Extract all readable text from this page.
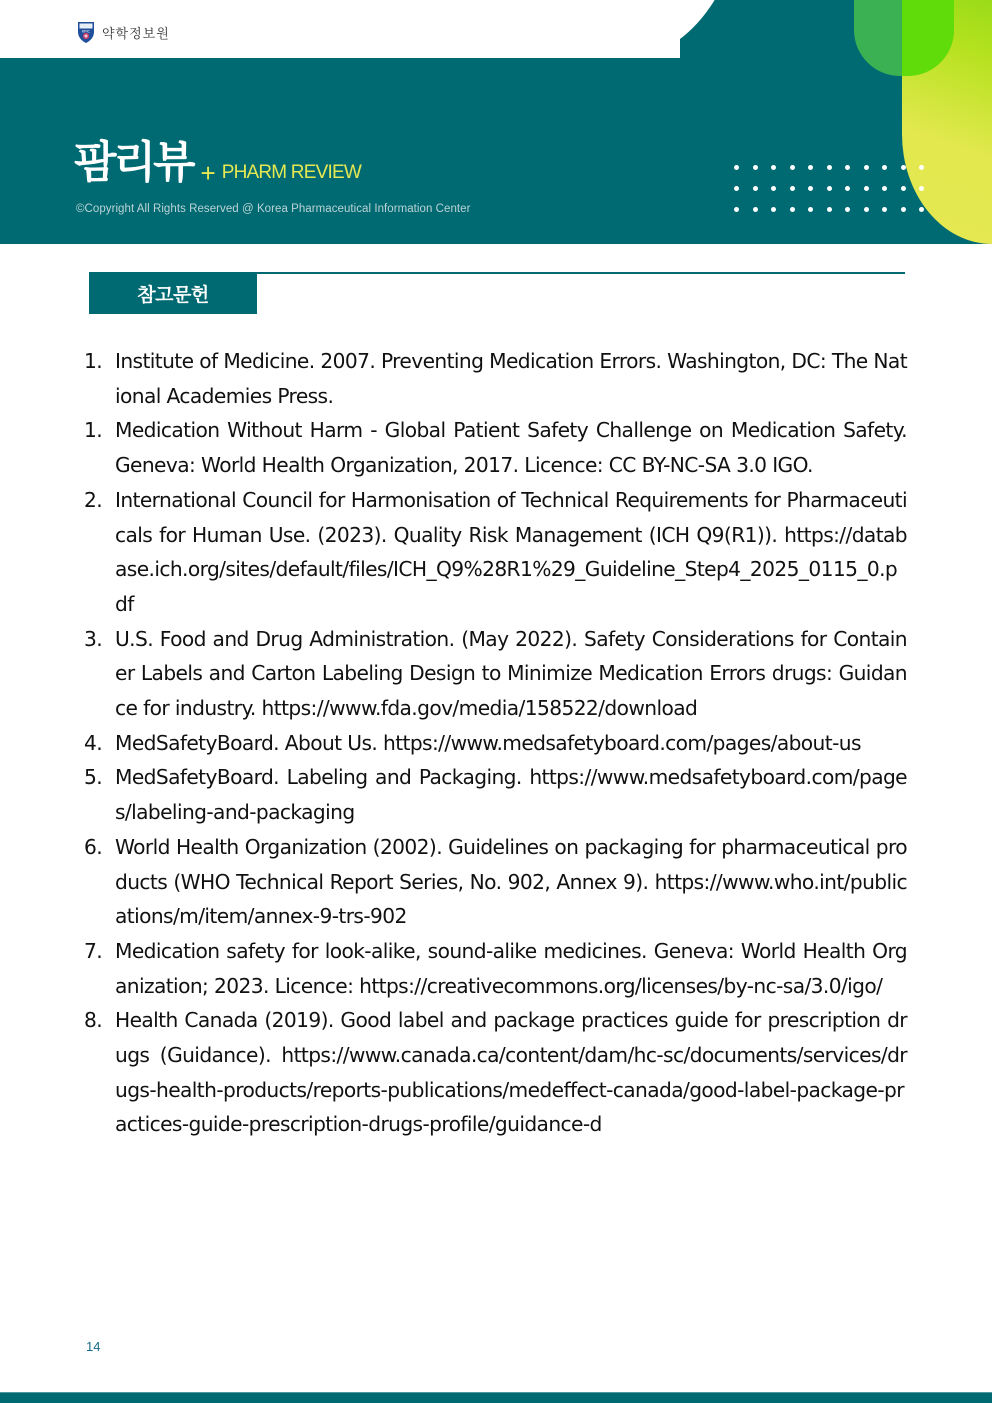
KPIC 약학정보원
팜리뷰 + PHARM REVIEW
©Copyright All Rights Reserved @ Korea Pharmaceutical Information Center
참고문헌
1. Institute of Medicine. 2007. Preventing Medication Errors. Washington, DC: The National Academies Press.
1. Medication Without Harm - Global Patient Safety Challenge on Medication Safety. Geneva: World Health Organization, 2017. Licence: CC BY-NC-SA 3.0 IGO.
2. International Council for Harmonisation of Technical Requirements for Pharmaceuticals for Human Use. (2023). Quality Risk Management (ICH Q9(R1)). https://database.ich.org/sites/default/files/ICH_Q9%28R1%29_Guideline_Step4_2025_0115_0.pdf
3. U.S. Food and Drug Administration. (May 2022). Safety Considerations for Container Labels and Carton Labeling Design to Minimize Medication Errors drugs: Guidance for industry. https://www.fda.gov/media/158522/download
4. MedSafetyBoard. About Us. https://www.medsafetyboard.com/pages/about-us
5. MedSafetyBoard. Labeling and Packaging. https://www.medsafetyboard.com/pages/labeling-and-packaging
6. World Health Organization (2002). Guidelines on packaging for pharmaceutical products (WHO Technical Report Series, No. 902, Annex 9). https://www.who.int/publications/m/item/annex-9-trs-902
7. Medication safety for look-alike, sound-alike medicines. Geneva: World Health Organization; 2023. Licence: https://creativecommons.org/licenses/by-nc-sa/3.0/igo/
8. Health Canada (2019). Good label and package practices guide for prescription drugs (Guidance). https://www.canada.ca/content/dam/hc-sc/documents/services/drugs-health-products/reports-publications/medeffect-canada/good-label-package-practices-guide-prescription-drugs-profile/guidance-d
14
